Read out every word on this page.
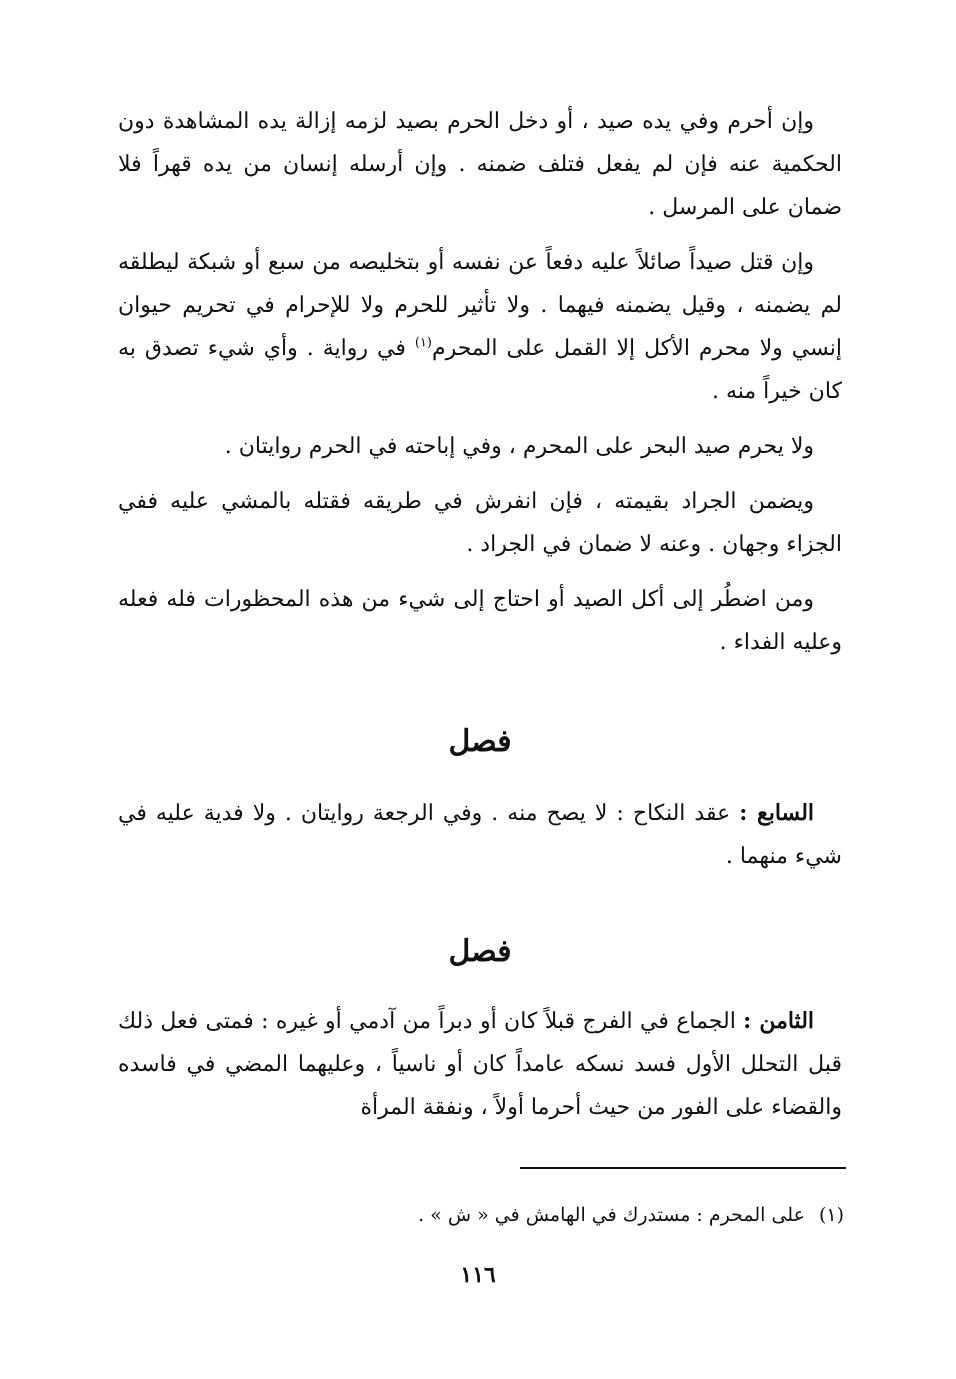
وإن أحرم وفي يده صيد ، أو دخل الحرم بصيد لزمه إزالة يده المشاهدة دون الحكمية عنه فإن لم يفعل فتلف ضمنه . وإن أرسله إنسان من يده قهراً فلا ضمان على المرسل .

وإن قتل صيداً صائلاً عليه دفعاً عن نفسه أو بتخليصه من سبع أو شبكة ليطلقه لم يضمنه ، وقيل يضمنه فيهما . ولا تأثير للحرم ولا للإحرام في تحريم حيوان إنسي ولا محرم الأكل إلا القمل على المحرم$^{(١)}$ في رواية . وأي شيء تصدق به كان خيراً منه .

ولا يحرم صيد البحر على المحرم ، وفي إباحته في الحرم روايتان .

ويضمن الجراد بقيمته ، فإن انفرش في طريقه فقتله بالمشي عليه ففي الجزاء وجهان . وعنه لا ضمان في الجراد .

ومن اضطُر إلى أكل الصيد أو احتاج إلى شيء من هذه المحظورات فله فعله وعليه الفداء .

فصل

السابع : عقد النكاح : لا يصح منه . وفي الرجعة روايتان . ولا فدية عليه في شيء منهما .

فصل

الثامن : الجماع في الفرج قبلاً كان أو دبراً من آدمي أو غيره : فمتى فعل ذلك قبل التحلل الأول فسد نسكه عامداً كان أو ناسياً ، وعليهما المضي في فاسده والقضاء على الفور من حيث أحرما أولاً ، ونفقة المرأة

(١)على المحرم : مستدرك في الهامش في « ش » .
١١٦
